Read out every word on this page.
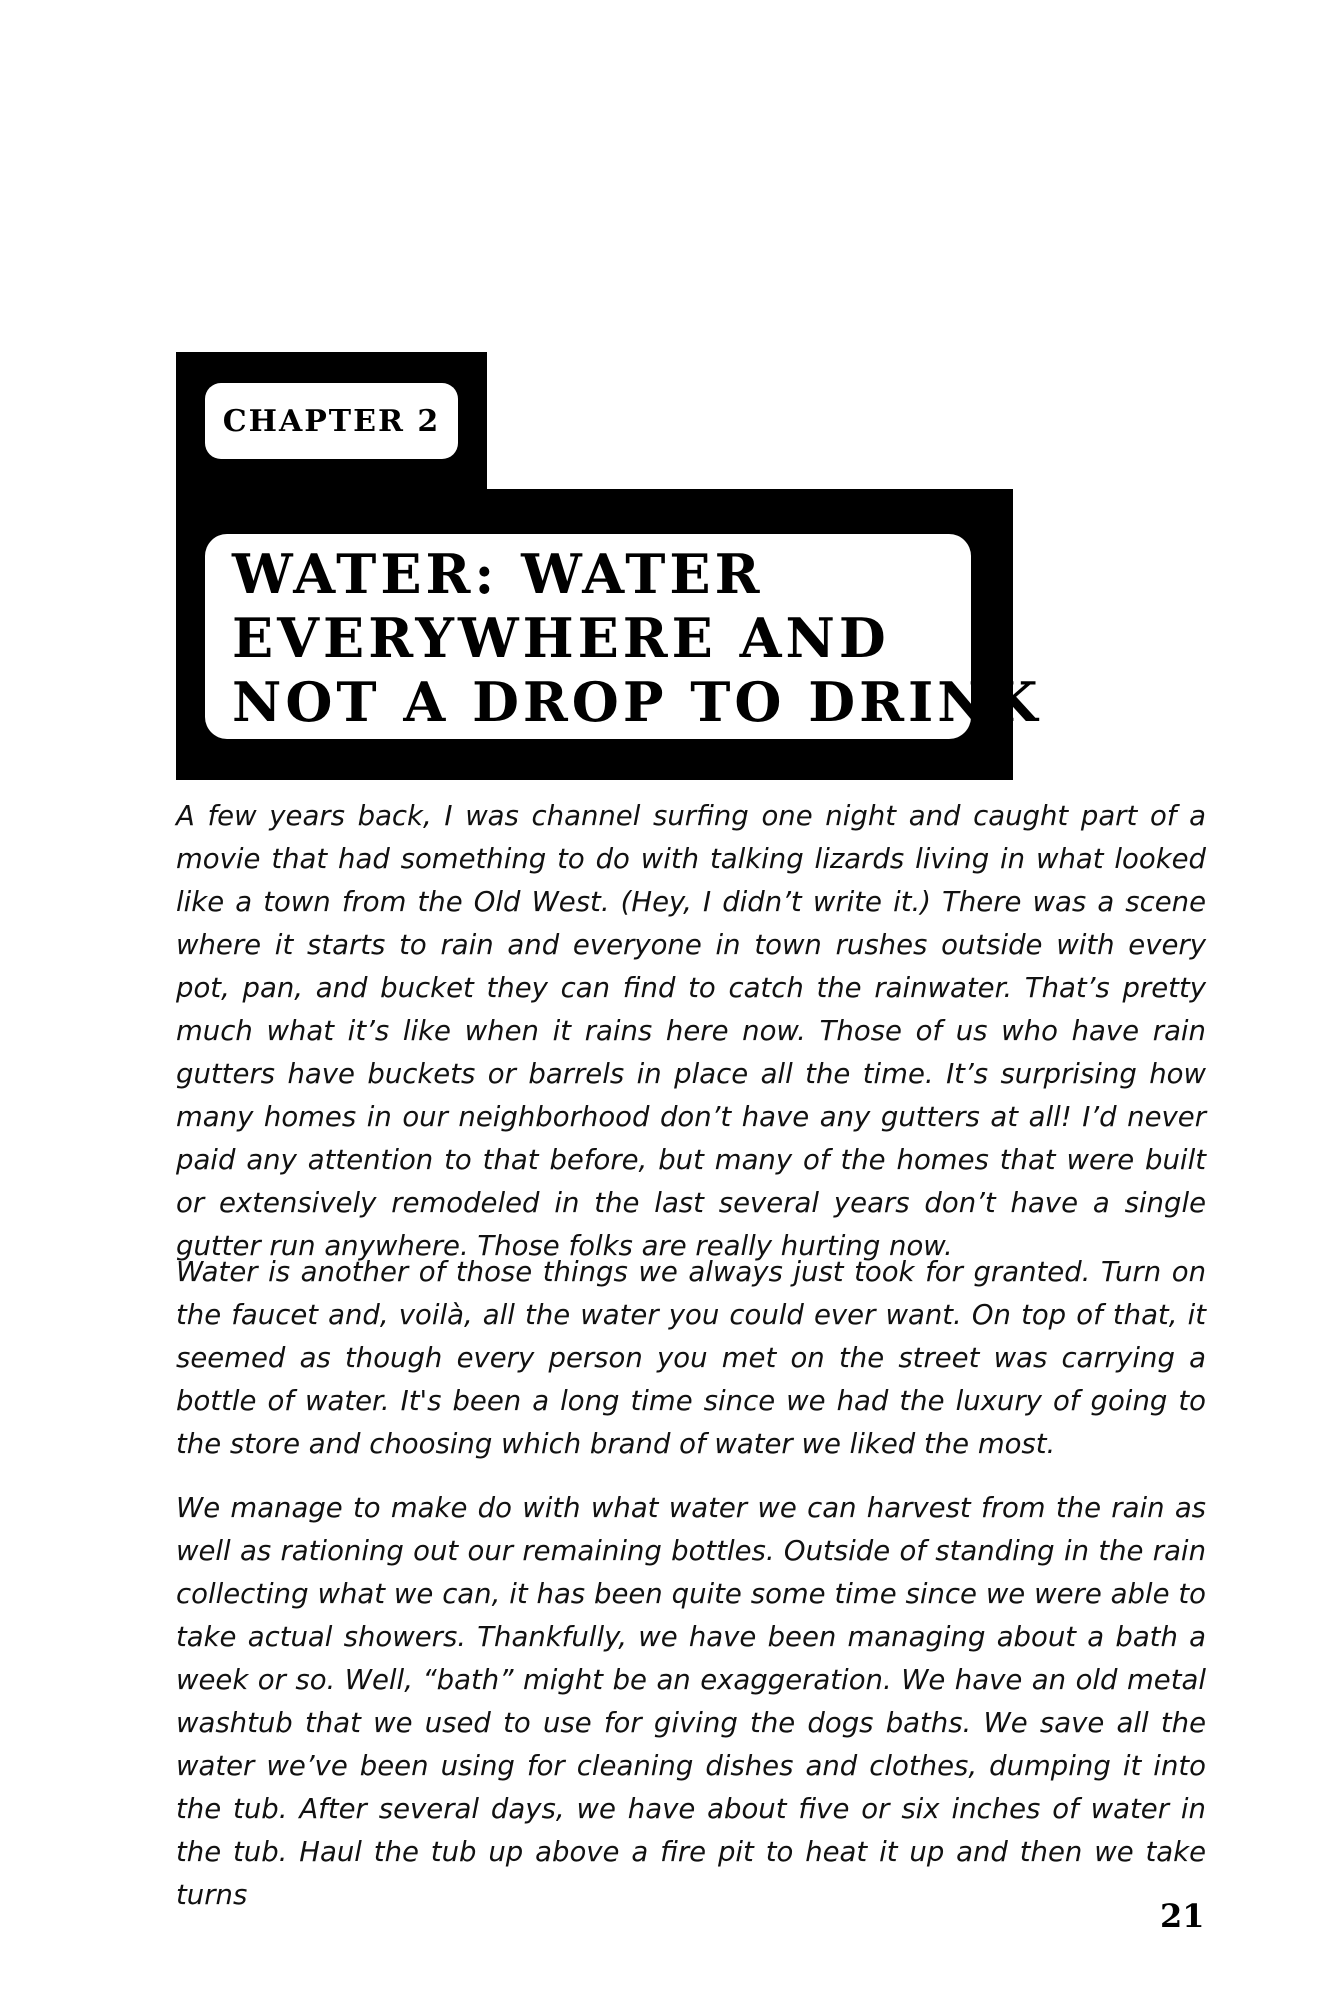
CHAPTER 2
WATER: WATER
EVERYWHERE AND
NOT A DROP TO DRINK

A few years back, I was channel surfing one night and caught part of a movie that had something to do with talking lizards living in what looked like a town from the Old West. (Hey, I didn’t write it.) There was a scene where it starts to rain and everyone in town rushes outside with every pot, pan, and bucket they can find to catch the rainwater. That’s pretty much what it’s like when it rains here now. Those of us who have rain gutters have buckets or barrels in place all the time. It’s surprising how many homes in our neighborhood don’t have any gutters at all! I’d never paid any attention to that before, but many of the homes that were built or extensively remodeled in the last several years don’t have a single gutter run anywhere. Those folks are really hurting now.

Water is another of those things we always just took for granted. Turn on the faucet and, voilà, all the water you could ever want. On top of that, it seemed as though every person you met on the street was carrying a bottle of water. It's been a long time since we had the luxury of going to the store and choosing which brand of water we liked the most.

We manage to make do with what water we can harvest from the rain as well as rationing out our remaining bottles. Outside of standing in the rain collecting what we can, it has been quite some time since we were able to take actual showers. Thankfully, we have been managing about a bath a week or so. Well, “bath” might be an exaggeration. We have an old metal washtub that we used to use for giving the dogs baths. We save all the water we’ve been using for cleaning dishes and clothes, dumping it into the tub. After several days, we have about five or six inches of water in the tub. Haul the tub up above a fire pit to heat it up and then we take turns

21
